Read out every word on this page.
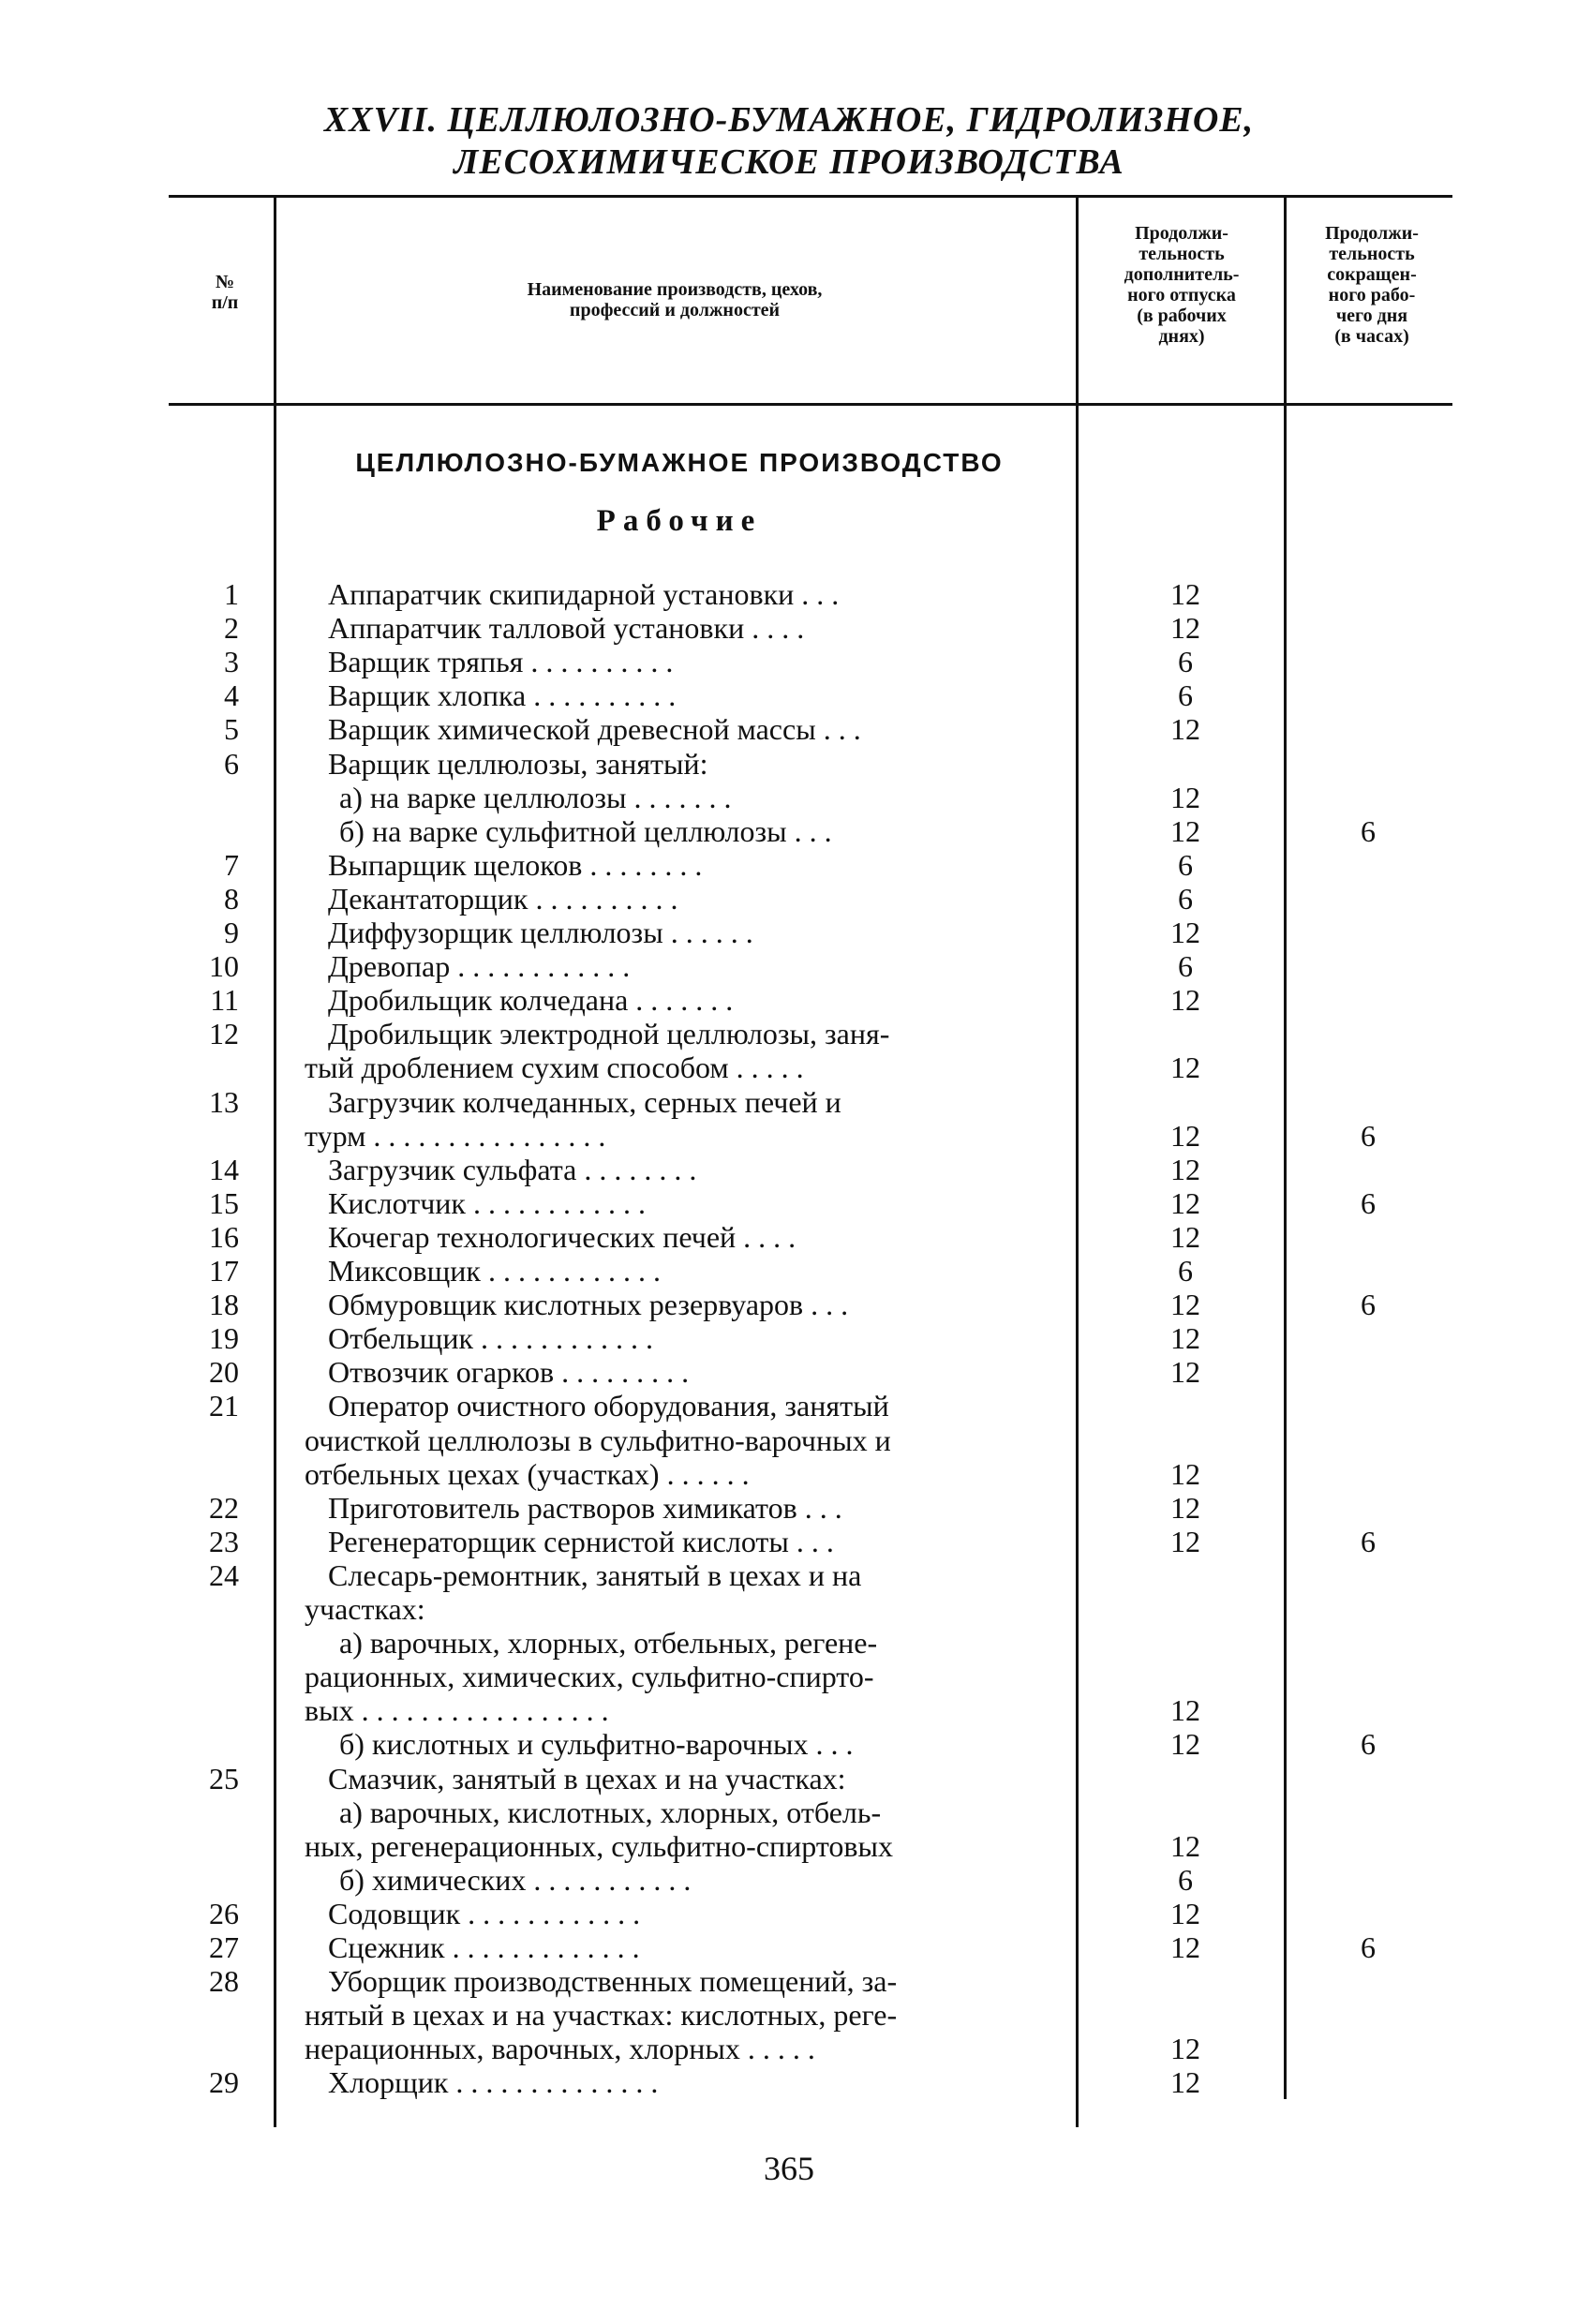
XXVII. ЦЕЛЛЮЛОЗНО-БУМАЖНОЕ, ГИДРОЛИЗНОЕ,
ЛЕСОХИМИЧЕСКОЕ ПРОИЗВОДСТВА
№
п/п
Наименование производств, цехов,
профессий и должностей
Продолжи-
тельность
дополнитель-
ного отпуска
(в рабочих
днях)
Продолжи-
тельность
сокращен-
ного рабо-
чего дня
(в часах)
ЦЕЛЛЮЛОЗНО-БУМАЖНОЕ ПРОИЗВОДСТВО
Рабочие
1	Аппаратчик скипидарной установки . . .	12
2	Аппаратчик талловой установки . . . .	12
3	Варщик тряпья . . . . . . . . . .	6
4	Варщик хлопка . . . . . . . . . .	6
5	Варщик химической древесной массы . . .	12
6	Варщик целлюлозы, занятый:
а) на варке целлюлозы . . . . . . .	12
б) на варке сульфитной целлюлозы . . .	12	6
7	Выпарщик щелоков . . . . . . . .	6
8	Декантаторщик . . . . . . . . . .	6
9	Диффузорщик целлюлозы . . . . . .	12
10	Древопар . . . . . . . . . . . .	6
11	Дробильщик колчедана . . . . . . .	12
12	Дробильщик электродной целлюлозы, заня-
тый дроблением сухим способом . . . . .	12
13	Загрузчик колчеданных, серных печей и
турм . . . . . . . . . . . . . . . .	12	6
14	Загрузчик сульфата . . . . . . . .	12
15	Кислотчик . . . . . . . . . . . .	12	6
16	Кочегар технологических печей . . . .	12
17	Миксовщик . . . . . . . . . . . .	6
18	Обмуровщик кислотных резервуаров . . .	12	6
19	Отбельщик . . . . . . . . . . . .	12
20	Отвозчик огарков . . . . . . . . .	12
21	Оператор очистного оборудования, занятый
очисткой целлюлозы в сульфитно-варочных и
отбельных цехах (участках) . . . . . .	12
22	Приготовитель растворов химикатов . . .	12
23	Регенераторщик сернистой кислоты . . .	12	6
24	Слесарь-ремонтник, занятый в цехах и на
участках:
а) варочных, хлорных, отбельных, регене-
рационных, химических, сульфитно-спирто-
вых . . . . . . . . . . . . . . . . .	12
б) кислотных и сульфитно-варочных . . .	12	6
25	Смазчик, занятый в цехах и на участках:
а) варочных, кислотных, хлорных, отбель-
ных, регенерационных, сульфитно-спиртовых	12
б) химических . . . . . . . . . . .	6
26	Содовщик . . . . . . . . . . . .	12
27	Сцежник . . . . . . . . . . . . .	12	6
28	Уборщик производственных помещений, за-
нятый в цехах и на участках: кислотных, реге-
нерационных, варочных, хлорных . . . . .	12
29	Хлорщик . . . . . . . . . . . . . .	12
365
